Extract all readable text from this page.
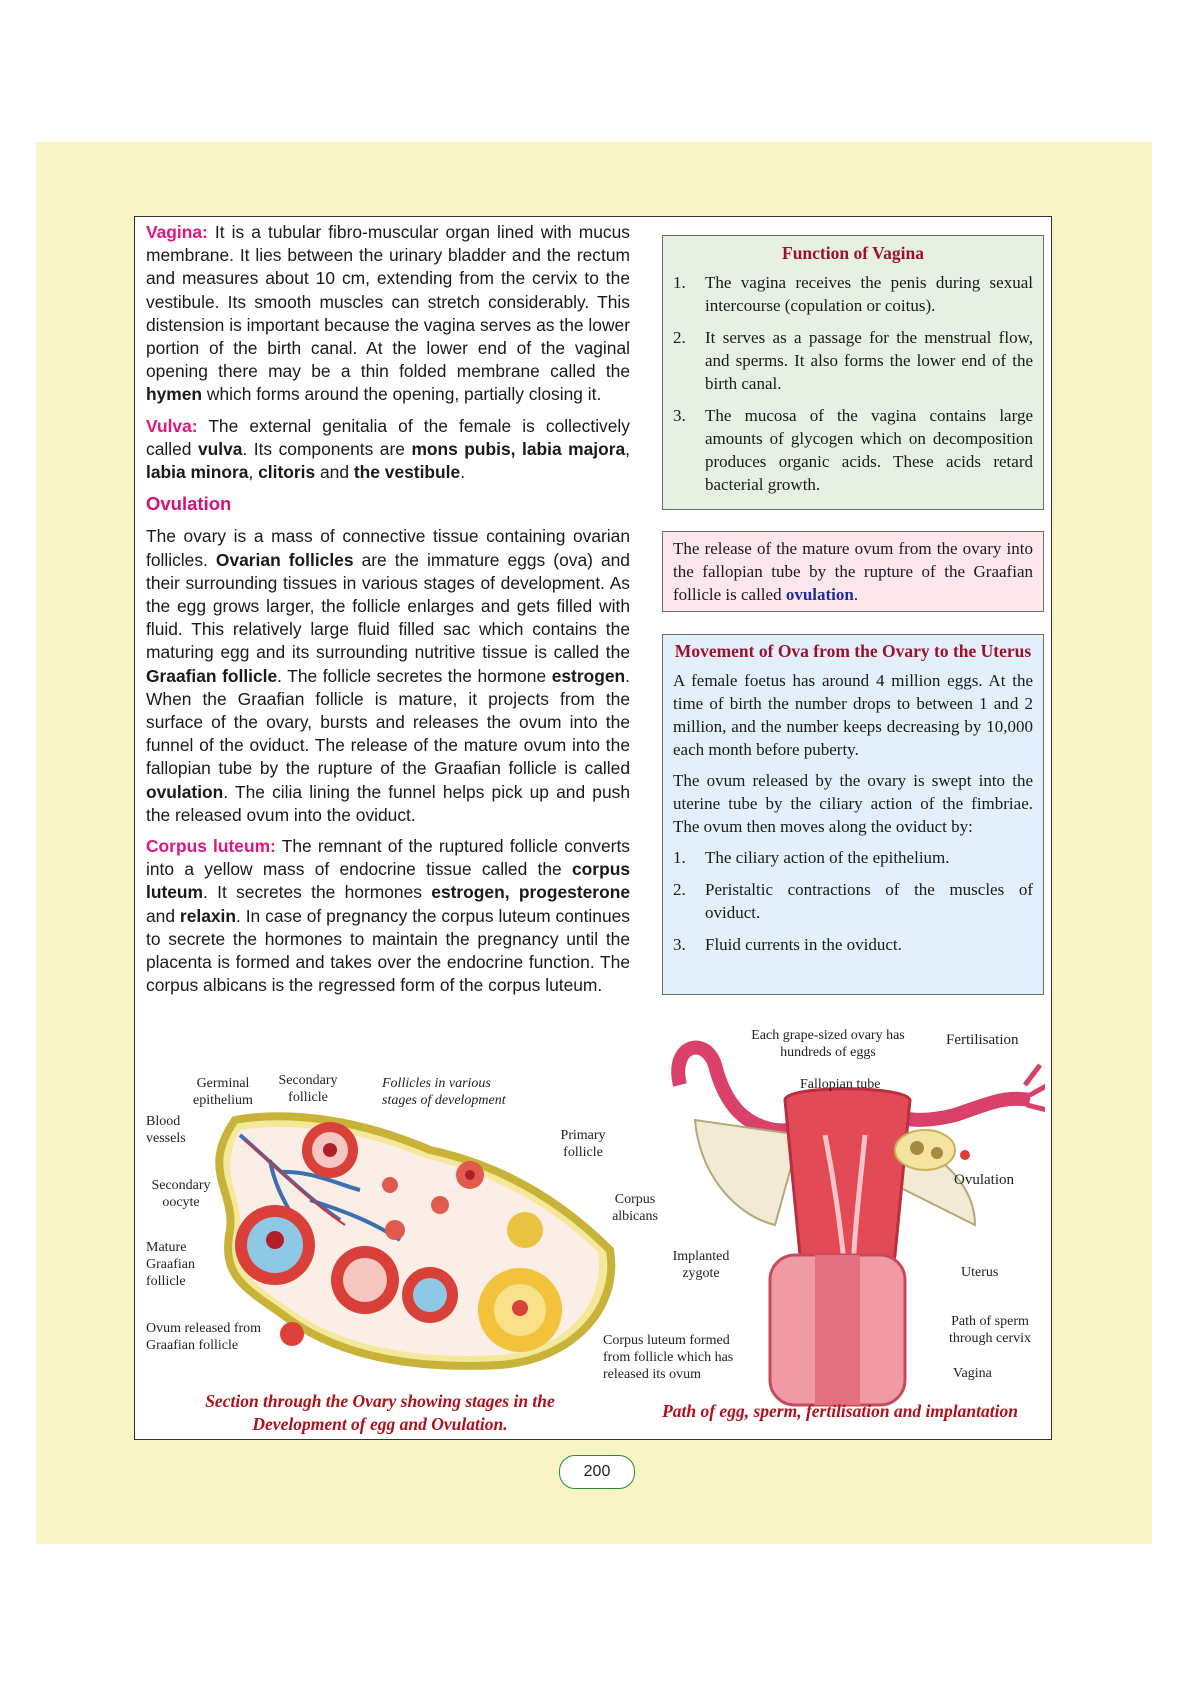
Vagina: It is a tubular fibro-muscular organ lined with mucus membrane. It lies between the urinary bladder and the rectum and measures about 10 cm, extending from the cervix to the vestibule. Its smooth muscles can stretch considerably. This distension is important because the vagina serves as the lower portion of the birth canal. At the lower end of the vaginal opening there may be a thin folded membrane called the hymen which forms around the opening, partially closing it.

Vulva: The external genitalia of the female is collectively called vulva. Its components are mons pubis, labia majora, labia minora, clitoris and the vestibule.

Ovulation

The ovary is a mass of connective tissue containing ovarian follicles. Ovarian follicles are the immature eggs (ova) and their surrounding tissues in various stages of development. As the egg grows larger, the follicle enlarges and gets filled with fluid. This relatively large fluid filled sac which contains the maturing egg and its surrounding nutritive tissue is called the Graafian follicle. The follicle secretes the hormone estrogen. When the Graafian follicle is mature, it projects from the surface of the ovary, bursts and releases the ovum into the funnel of the oviduct. The release of the mature ovum into the fallopian tube by the rupture of the Graafian follicle is called ovulation. The cilia lining the funnel helps pick up and push the released ovum into the oviduct.

Corpus luteum: The remnant of the ruptured follicle converts into a yellow mass of endocrine tissue called the corpus luteum. It secretes the hormones estrogen, progesterone and relaxin. In case of pregnancy the corpus luteum continues to secrete the hormones to maintain the pregnancy until the placenta is formed and takes over the endocrine function. The corpus albicans is the regressed form of the corpus luteum.

Function of Vagina
1.	The vagina receives the penis during sexual intercourse (copulation or coitus).
2.	It serves as a passage for the menstrual flow, and sperms. It also forms the lower end of the birth canal.
3.	The mucosa of the vagina contains large amounts of glycogen which on decomposition produces organic acids. These acids retard bacterial growth.
The release of the mature ovum from the ovary into the fallopian tube by the rupture of the Graafian follicle is called ovulation.
Movement of Ova from the Ovary to the Uterus

A female foetus has around 4 million eggs. At the time of birth the number drops to between 1 and 2 million, and the number keeps decreasing by 10,000 each month before puberty.

The ovum released by the ovary is swept into the uterine tube by the ciliary action of the fimbriae. The ovum then moves along the oviduct by:

1.	The ciliary action of the epithelium.
2.	Peristaltic contractions of the muscles of oviduct.
3.	Fluid currents in the oviduct.
Germinal epithelium
Secondary follicle
Follicles in various stages of development
Blood vessels	Primary follicle
Secondary oocyte	Corpus albicans
Mature Graafian follicle
Ovum released from Graafian follicle	Corpus luteum formed from follicle which has released its ovum
Section through the Ovary showing stages in the
Development of egg and Ovulation.
Each grape-sized ovary has hundreds of eggs
Fertilisation
Fallopian tube
Ovulation
Implanted zygote	Uterus
Path of sperm through cervix
Vagina
Path of egg, sperm, fertilisation and implantation
200
